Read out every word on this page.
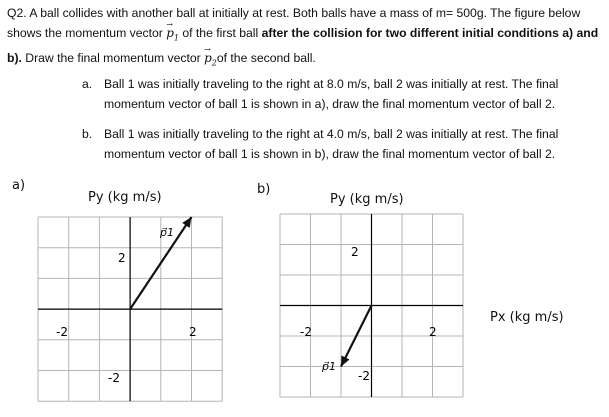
Q2. A ball collides with another ball at initially at rest. Both balls have a mass of m= 500g. The figure below shows the momentum vector → $p_1$ of the first ball after the collision for two different initial conditions a) and b). Draw the final momentum vector → $p_2of$ the second ball.

a. Ball 1 was initially traveling to the right at 8.0 m/s, ball 2 was initially at rest. The final
momentum vector of ball 1 is shown in a), draw the final momentum vector of ball 2.
b. Ball 1 was initially traveling to the right at 4.0 m/s, ball 2 was initially at rest. The final
momentum vector of ball 1 is shown in b), draw the final momentum vector of ball 2.
a)
Py (kg m/s)
2
-2
-2	2
p⃗1
b)
Py (kg m/s)
2
-2
-2	2
p⃗1
Px (kg m/s)
